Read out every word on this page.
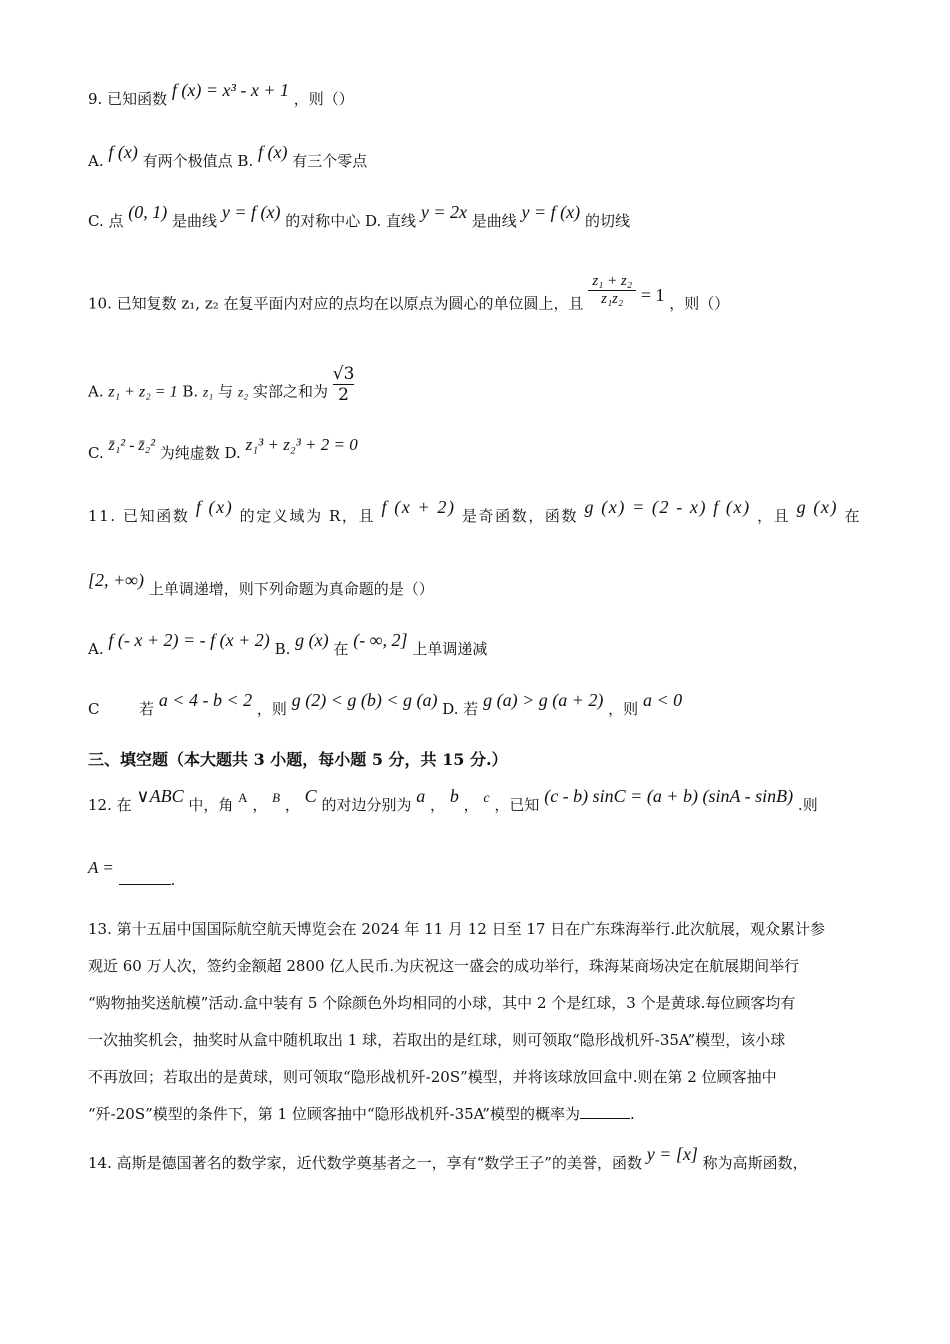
9. 已知函数 f (x) = x³ - x + 1 ，则（）
A. f (x) 有两个极值点 B. f (x) 有三个零点
C. 点 (0, 1) 是曲线 y = f (x) 的对称中心 D. 直线 y = 2x 是曲线 y = f (x) 的切线
10. 已知复数 z₁, z₂ 在复平面内对应的点均在以原点为圆心的单位圆上，且 $\frac{\text{z₁ + z₂}}{\text{z₁z₂}} = 1$ ，则（）
A. z₁ + z₂ = 1 B. z₁ 与 z₂ 实部之和为 $\frac{√3}{2}$
C. z̄₁² - z̄₂² 为纯虚数 D. z₁³ + z₂³ + 2 = 0
11. 已知函数 f (x) 的定义域为 R，且 f (x + 2) 是奇函数，函数 g (x) = (2 - x) f (x) ，且 g (x) 在
[2, +∞) 上单调递增，则下列命题为真命题的是（）
A. f (- x + 2) = - f (x + 2) B. g (x) 在 (- ∞, 2] 上单调递减
C	若 a < 4 - b < 2 ，则 g (2) < g (b) < g (a) D. 若 g (a) > g (a + 2) ，则 a < 0
三、填空题（本大题共 3 小题，每小题 5 分，共 15 分.）
12. 在 ∨ABC 中，角 A ， B ， C 的对边分别为 a ， b ， c ，已知 (c - b) sinC = (a + b) (sinA - sinB) .则
A = .
13. 第十五届中国国际航空航天博览会在 2024 年 11 月 12 日至 17 日在广东珠海举行.此次航展，观众累计参
观近 60 万人次，签约金额超 2800 亿人民币.为庆祝这一盛会的成功举行，珠海某商场决定在航展期间举行
“购物抽奖送航模”活动.盒中装有 5 个除颜色外均相同的小球，其中 2 个是红球，3 个是黄球.每位顾客均有
一次抽奖机会，抽奖时从盒中随机取出 1 球，若取出的是红球，则可领取“隐形战机歼-35A”模型，该小球
不再放回；若取出的是黄球，则可领取“隐形战机歼-20S”模型，并将该球放回盒中.则在第 2 位顾客抽中
“歼-20S”模型的条件下，第 1 位顾客抽中“隐形战机歼-35A”模型的概率为	.
14. 高斯是德国著名的数学家，近代数学奠基者之一，享有“数学王子”的美誉，函数 y = [x] 称为高斯函数，
